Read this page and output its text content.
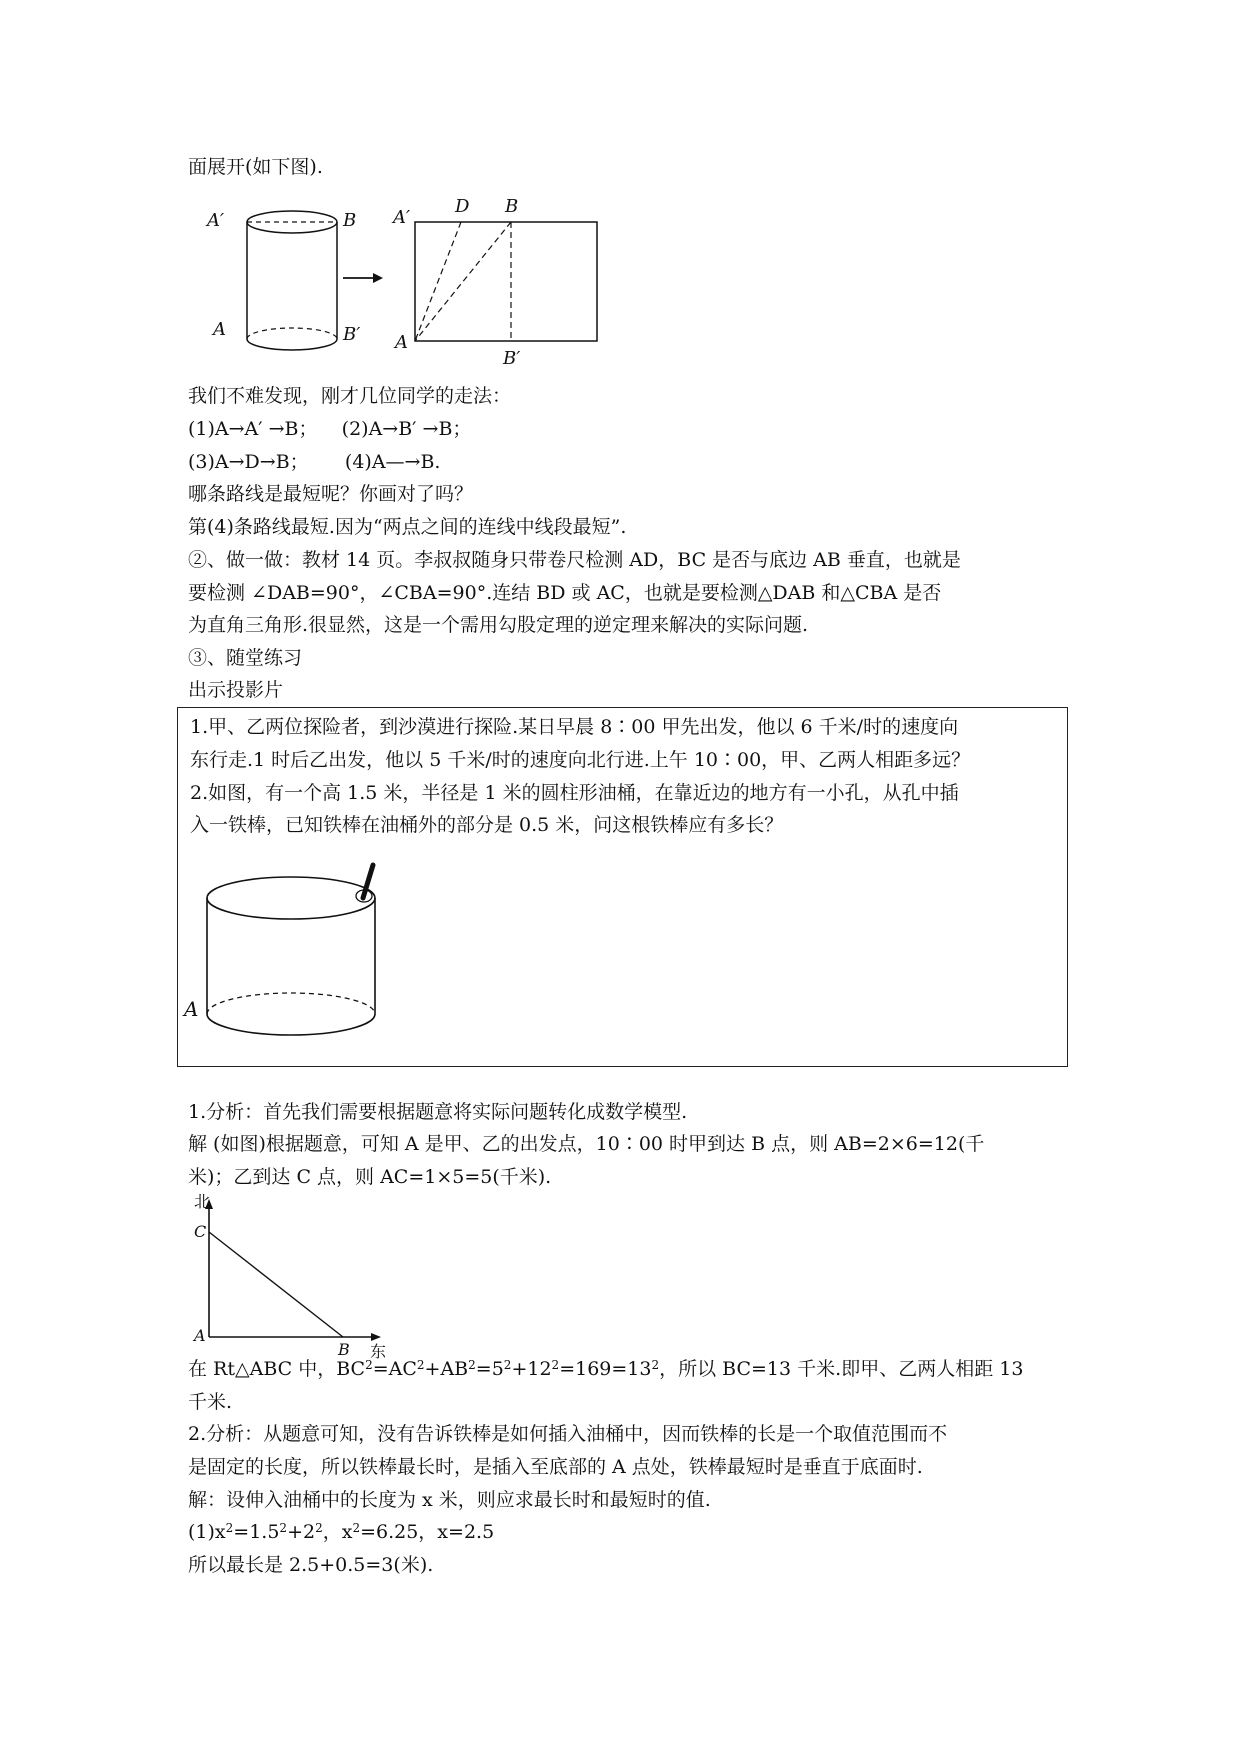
面展开(如下图).
A′	B
A	B′
A′
D B
A
B′
我们不难发现，刚才几位同学的走法：
(1)A→A′ →B；    (2)A→B′ →B；
(3)A→D→B；      (4)A—→B.
哪条路线是最短呢？你画对了吗？
第(4)条路线最短.因为“两点之间的连线中线段最短”.
②、做一做：教材 14 页。李叔叔随身只带卷尺检测 AD，BC 是否与底边 AB 垂直，也就是
要检测 ∠DAB=90°，∠CBA=90°.连结 BD 或 AC，也就是要检测△DAB 和△CBA 是否
为直角三角形.很显然，这是一个需用勾股定理的逆定理来解决的实际问题.
③、随堂练习
出示投影片
1.甲、乙两位探险者，到沙漠进行探险.某日早晨 8∶00 甲先出发，他以 6 千米/时的速度向
东行走.1 时后乙出发，他以 5 千米/时的速度向北行进.上午 10∶00，甲、乙两人相距多远？
2.如图，有一个高 1.5 米，半径是 1 米的圆柱形油桶，在靠近边的地方有一小孔，从孔中插
入一铁棒，已知铁棒在油桶外的部分是 0.5 米，问这根铁棒应有多长？
A
1.分析：首先我们需要根据题意将实际问题转化成数学模型.
解 (如图)根据题意，可知 A 是甲、乙的出发点，10∶00 时甲到达 B 点，则 AB=2×6=12(千
米)；乙到达 C 点，则 AC=1×5=5(千米).
北
东
C
A
B
在 Rt△ABC 中，$BC^2=AC^2+AB^2=5^2+12^2=169=13^2$，所以 BC=13 千米.即甲、乙两人相距 13
千米.
2.分析：从题意可知，没有告诉铁棒是如何插入油桶中，因而铁棒的长是一个取值范围而不
是固定的长度，所以铁棒最长时，是插入至底部的 A 点处，铁棒最短时是垂直于底面时.
解：设伸入油桶中的长度为 x 米，则应求最长时和最短时的值.
$(1)x^2=1.5^2+2^2$，$x^2=6.25$，x=2.5
所以最长是 2.5+0.5=3(米).
